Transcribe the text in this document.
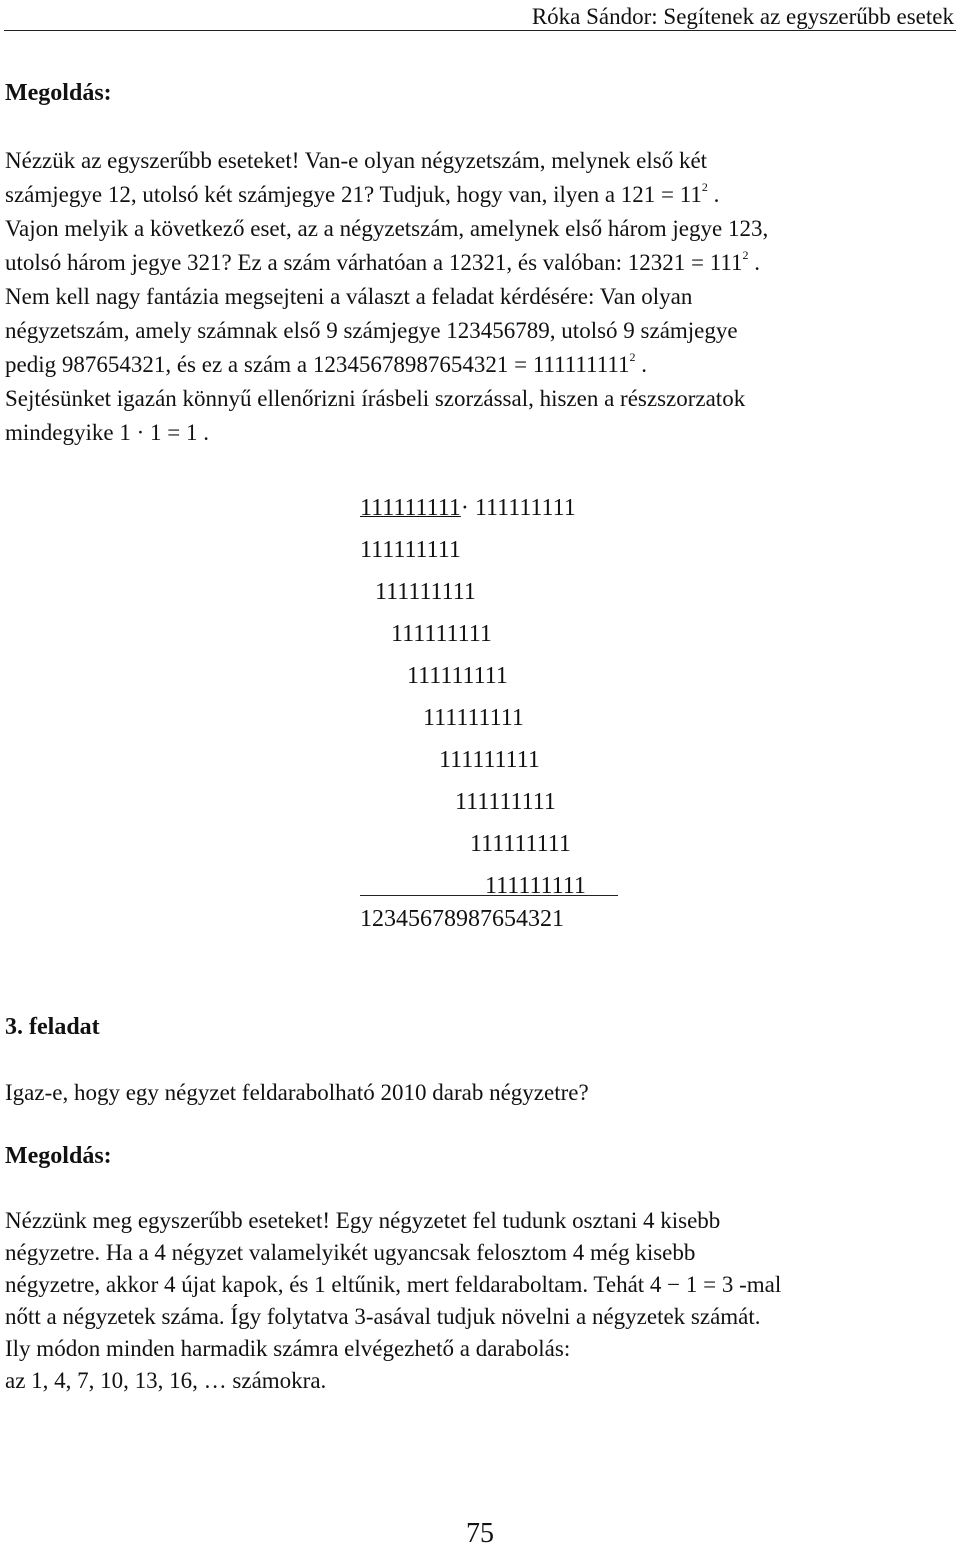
Róka Sándor: Segítenek az egyszerűbb esetek
Megoldás:

Nézzük az egyszerűbb eseteket! Van-e olyan négyzetszám, melynek első két

számjegye 12, utolsó két számjegye 21? Tudjuk, hogy van, ilyen a $121 = 11^2$ .

Vajon melyik a következő eset, az a négyzetszám, amelynek első három jegye 123,

utolsó három jegye 321? Ez a szám várhatóan a 12321, és valóban: $12321 = 111^2$ .

Nem kell nagy fantázia megsejteni a választ a feladat kérdésére: Van olyan

négyzetszám, amely számnak első 9 számjegye 123456789, utolsó 9 számjegye

pedig 987654321, és ez a szám a $12345678987654321 = 111111111^2$ .

Sejtésünket igazán könnyű ellenőrizni írásbeli szorzással, hiszen a részszorzatok

mindegyike 1 · 1 = 1 .

111111111· 111111111
111111111
111111111
111111111
111111111
111111111
111111111
111111111
111111111
111111111
12345678987654321
3. feladat
Igaz-e, hogy egy négyzet feldarabolható 2010 darab négyzetre?
Megoldás:

Nézzünk meg egyszerűbb eseteket! Egy négyzetet fel tudunk osztani 4 kisebb

négyzetre. Ha a 4 négyzet valamelyikét ugyancsak felosztom 4 még kisebb

négyzetre, akkor 4 újat kapok, és 1 eltűnik, mert feldaraboltam. Tehát 4 − 1 = 3 -mal

nőtt a négyzetek száma. Így folytatva 3-asával tudjuk növelni a négyzetek számát.

Ily módon minden harmadik számra elvégezhető a darabolás:

az 1, 4, 7, 10, 13, 16, … számokra.

75
